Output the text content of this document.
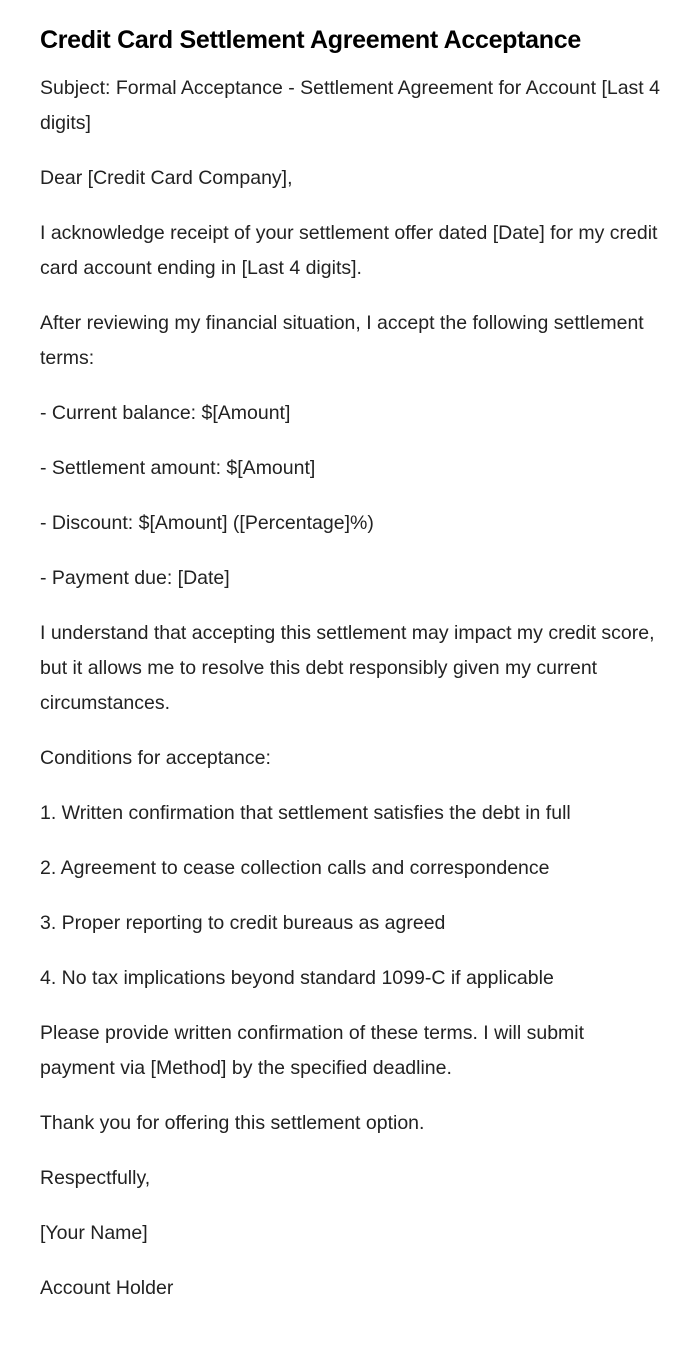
Credit Card Settlement Agreement Acceptance

Subject: Formal Acceptance - Settlement Agreement for Account [Last 4 digits]

Dear [Credit Card Company],

I acknowledge receipt of your settlement offer dated [Date] for my credit card account ending in [Last 4 digits].

After reviewing my financial situation, I accept the following settlement terms:

- Current balance: $[Amount]

- Settlement amount: $[Amount]

- Discount: $[Amount] ([Percentage]%)

- Payment due: [Date]

I understand that accepting this settlement may impact my credit score, but it allows me to resolve this debt responsibly given my current circumstances.

Conditions for acceptance:

1. Written confirmation that settlement satisfies the debt in full

2. Agreement to cease collection calls and correspondence

3. Proper reporting to credit bureaus as agreed

4. No tax implications beyond standard 1099-C if applicable

Please provide written confirmation of these terms. I will submit payment via [Method] by the specified deadline.

Thank you for offering this settlement option.

Respectfully,

[Your Name]

Account Holder
